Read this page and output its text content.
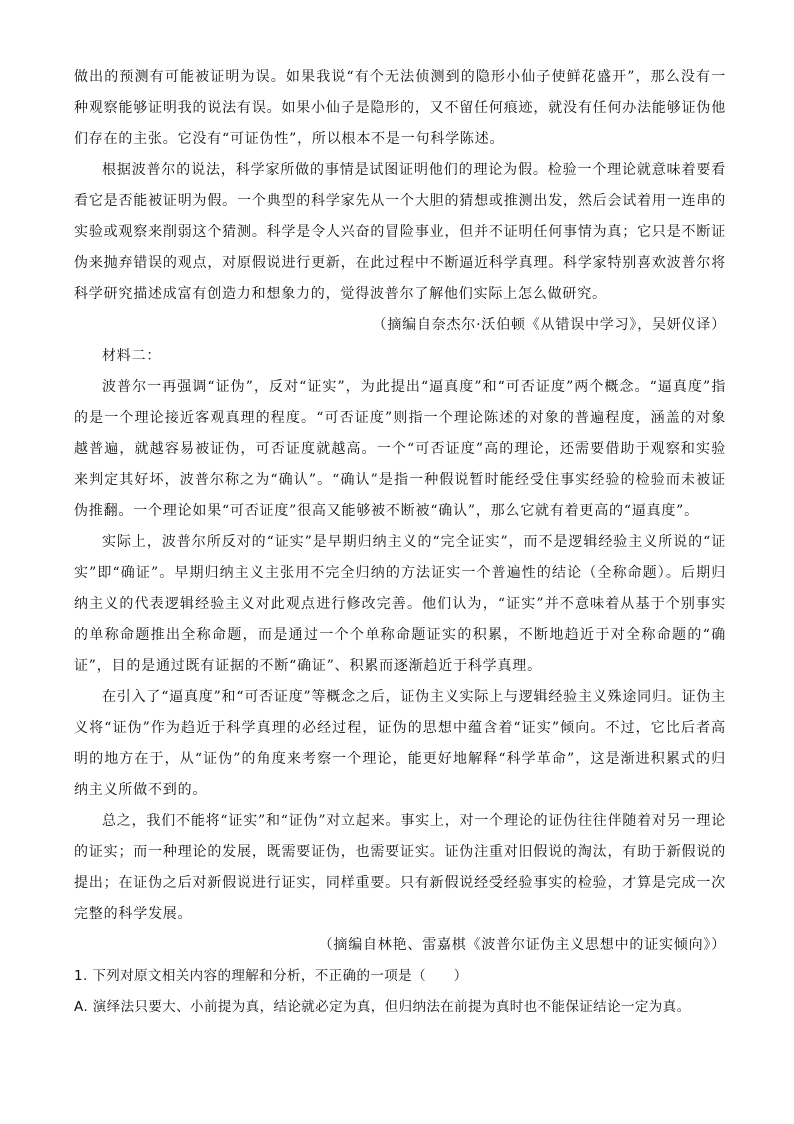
做出的预测有可能被证明为误。如果我说“有个无法侦测到的隐形小仙子使鲜花盛开”，那么没有一种观察能够证明我的说法有误。如果小仙子是隐形的，又不留任何痕迹，就没有任何办法能够证伪他们存在的主张。它没有“可证伪性”，所以根本不是一句科学陈述。

根据波普尔的说法，科学家所做的事情是试图证明他们的理论为假。检验一个理论就意味着要看看它是否能被证明为假。一个典型的科学家先从一个大胆的猜想或推测出发，然后会试着用一连串的实验或观察来削弱这个猜测。科学是令人兴奋的冒险事业，但并不证明任何事情为真；它只是不断证伪来抛弃错误的观点，对原假说进行更新，在此过程中不断逼近科学真理。科学家特别喜欢波普尔将科学研究描述成富有创造力和想象力的，觉得波普尔了解他们实际上怎么做研究。

（摘编自奈杰尔·沃伯顿《从错误中学习》，吴妍仪译）

材料二：

波普尔一再强调“证伪”，反对“证实”，为此提出“逼真度”和“可否证度”两个概念。“逼真度”指的是一个理论接近客观真理的程度。“可否证度”则指一个理论陈述的对象的普遍程度，涵盖的对象越普遍，就越容易被证伪，可否证度就越高。一个“可否证度”高的理论，还需要借助于观察和实验来判定其好坏，波普尔称之为“确认”。“确认”是指一种假说暂时能经受住事实经验的检验而未被证伪推翻。一个理论如果“可否证度”很高又能够被不断被“确认”，那么它就有着更高的“逼真度”。

实际上，波普尔所反对的“证实”是早期归纳主义的“完全证实”，而不是逻辑经验主义所说的“证实”即“确证”。早期归纳主义主张用不完全归纳的方法证实一个普遍性的结论（全称命题）。后期归纳主义的代表逻辑经验主义对此观点进行修改完善。他们认为，“证实”并不意味着从基于个别事实的单称命题推出全称命题，而是通过一个个单称命题证实的积累，不断地趋近于对全称命题的“确证”，目的是通过既有证据的不断“确证”、积累而逐渐趋近于科学真理。

在引入了“逼真度”和“可否证度”等概念之后，证伪主义实际上与逻辑经验主义殊途同归。证伪主义将“证伪”作为趋近于科学真理的必经过程，证伪的思想中蕴含着“证实”倾向。不过，它比后者高明的地方在于，从“证伪”的角度来考察一个理论，能更好地解释“科学革命”，这是渐进积累式的归纳主义所做不到的。

总之，我们不能将“证实”和“证伪”对立起来。事实上，对一个理论的证伪往往伴随着对另一理论的证实；而一种理论的发展，既需要证伪，也需要证实。证伪注重对旧假说的淘汰，有助于新假说的提出；在证伪之后对新假说进行证实，同样重要。只有新假说经受经验事实的检验，才算是完成一次完整的科学发展。

（摘编自林艳、雷嘉棋《波普尔证伪主义思想中的证实倾向》）

1. 下列对原文相关内容的理解和分析，不正确的一项是（　　）

A. 演绎法只要大、小前提为真，结论就必定为真，但归纳法在前提为真时也不能保证结论一定为真。
